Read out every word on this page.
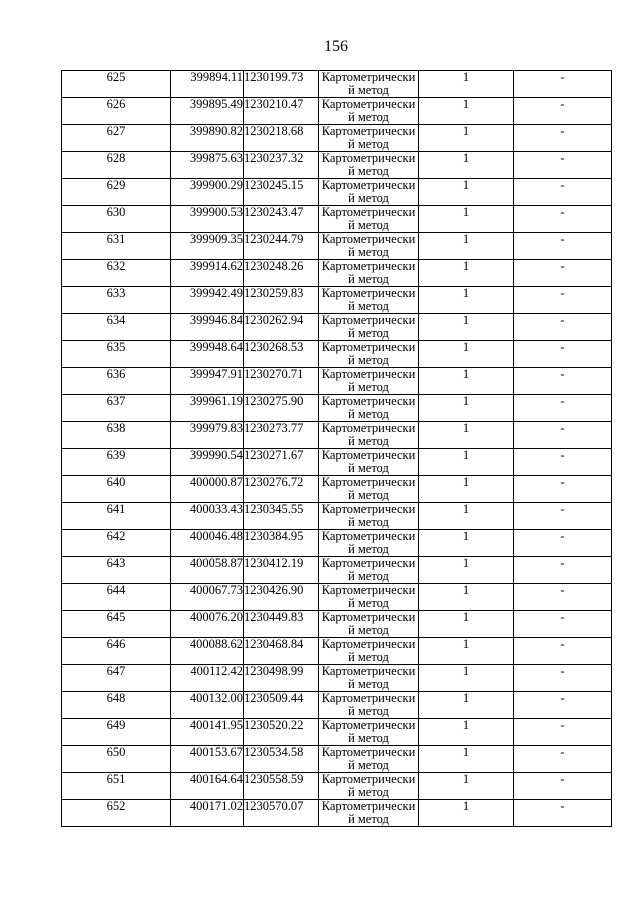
156
625	399894.11	1230199.73	Картометрический метод	1	-
626	399895.49	1230210.47	Картометрический метод	1	-
627	399890.82	1230218.68	Картометрический метод	1	-
628	399875.63	1230237.32	Картометрический метод	1	-
629	399900.29	1230245.15	Картометрический метод	1	-
630	399900.53	1230243.47	Картометрический метод	1	-
631	399909.35	1230244.79	Картометрический метод	1	-
632	399914.62	1230248.26	Картометрический метод	1	-
633	399942.49	1230259.83	Картометрический метод	1	-
634	399946.84	1230262.94	Картометрический метод	1	-
635	399948.64	1230268.53	Картометрический метод	1	-
636	399947.91	1230270.71	Картометрический метод	1	-
637	399961.19	1230275.90	Картометрический метод	1	-
638	399979.83	1230273.77	Картометрический метод	1	-
639	399990.54	1230271.67	Картометрический метод	1	-
640	400000.87	1230276.72	Картометрический метод	1	-
641	400033.43	1230345.55	Картометрический метод	1	-
642	400046.48	1230384.95	Картометрический метод	1	-
643	400058.87	1230412.19	Картометрический метод	1	-
644	400067.73	1230426.90	Картометрический метод	1	-
645	400076.20	1230449.83	Картометрический метод	1	-
646	400088.62	1230468.84	Картометрический метод	1	-
647	400112.42	1230498.99	Картометрический метод	1	-
648	400132.00	1230509.44	Картометрический метод	1	-
649	400141.95	1230520.22	Картометрический метод	1	-
650	400153.67	1230534.58	Картометрический метод	1	-
651	400164.64	1230558.59	Картометрический метод	1	-
652	400171.02	1230570.07	Картометрический метод	1	-
